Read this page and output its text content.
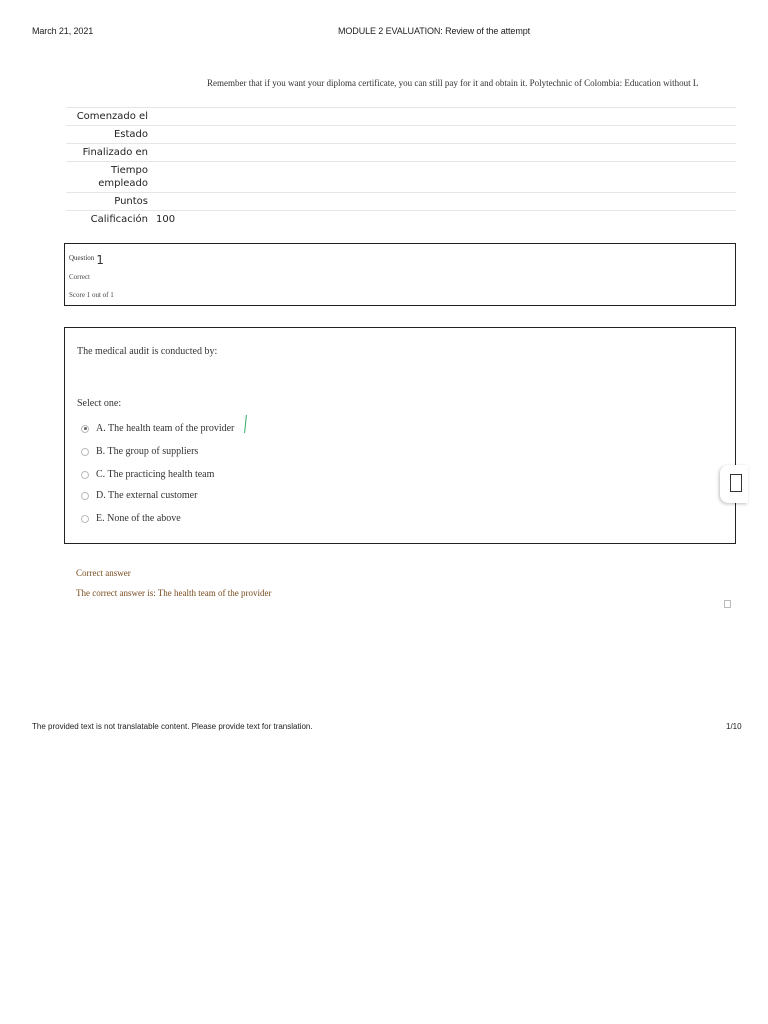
March 21, 2021	MODULE 2 EVALUATION: Review of the attempt
Remember that if you want your diploma certificate, you can still pay for it and obtain it. Polytechnic of Colombia: Education without L
Comenzado el
Estado
Finalizado en
Tiempo empleado
Puntos
Calificación 100
Question 1
Correct
Score 1 out of 1
The medical audit is conducted by:
Select one:
A. The health team of the provider
B. The group of suppliers
C. The practicing health team
D. The external customer
E. None of the above
Correct answer
The correct answer is: The health team of the provider
The provided text is not translatable content. Please provide text for translation.	1/10
